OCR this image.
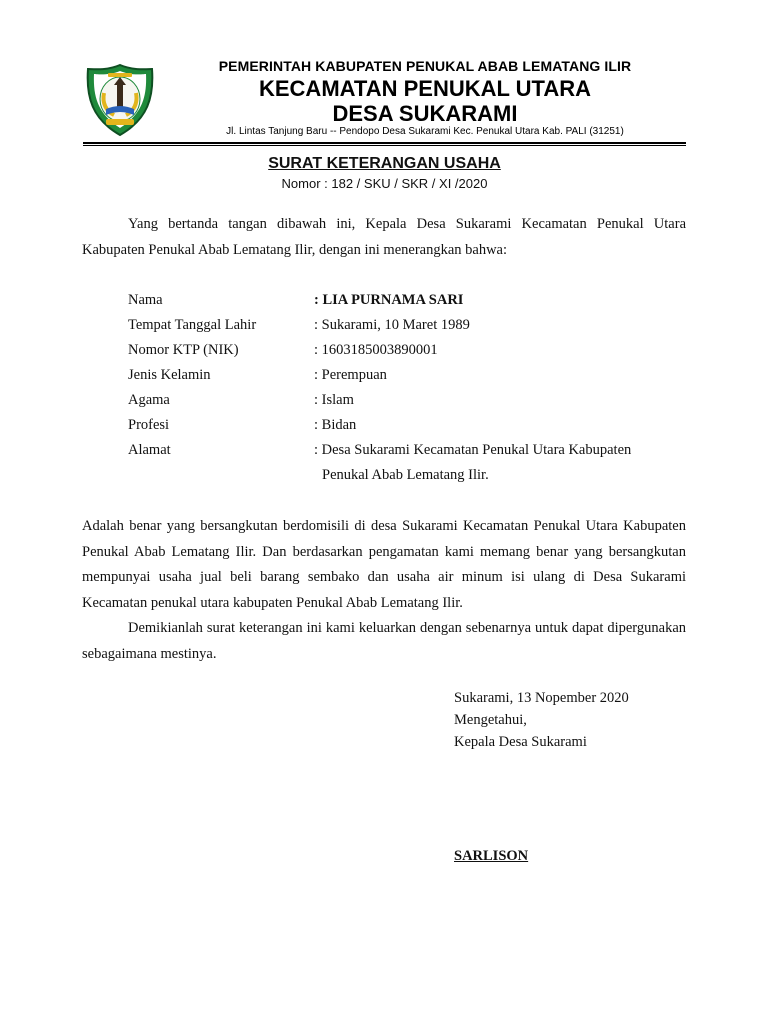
PEMERINTAH KABUPATEN PENUKAL ABAB LEMATANG ILIR
KECAMATAN PENUKAL UTARA
DESA SUKARAMI
Jl. Lintas Tanjung Baru -- Pendopo Desa Sukarami Kec. Penukal Utara Kab. PALI (31251)
SURAT KETERANGAN USAHA
Nomor : 182 / SKU / SKR / XI /2020
Yang bertanda tangan dibawah ini, Kepala Desa Sukarami Kecamatan Penukal Utara Kabupaten Penukal Abab Lematang Ilir, dengan ini menerangkan bahwa:
Nama	: LIA PURNAMA SARI
Tempat Tanggal Lahir	: Sukarami, 10 Maret 1989
Nomor KTP (NIK)	: 1603185003890001
Jenis Kelamin	: Perempuan
Agama	: Islam
Profesi	: Bidan
Alamat	: Desa Sukarami Kecamatan Penukal Utara Kabupaten
Penukal Abab Lematang Ilir.
Adalah benar yang bersangkutan berdomisili di desa Sukarami Kecamatan Penukal Utara Kabupaten Penukal Abab Lematang Ilir. Dan berdasarkan pengamatan kami memang benar yang bersangkutan mempunyai usaha jual beli barang sembako dan usaha air minum isi ulang di Desa Sukarami Kecamatan penukal utara kabupaten Penukal Abab Lematang Ilir.
Demikianlah surat keterangan ini kami keluarkan dengan sebenarnya untuk dapat dipergunakan sebagaimana mestinya.
Sukarami, 13 Nopember 2020
Mengetahui,
Kepala Desa Sukarami
SARLISON
